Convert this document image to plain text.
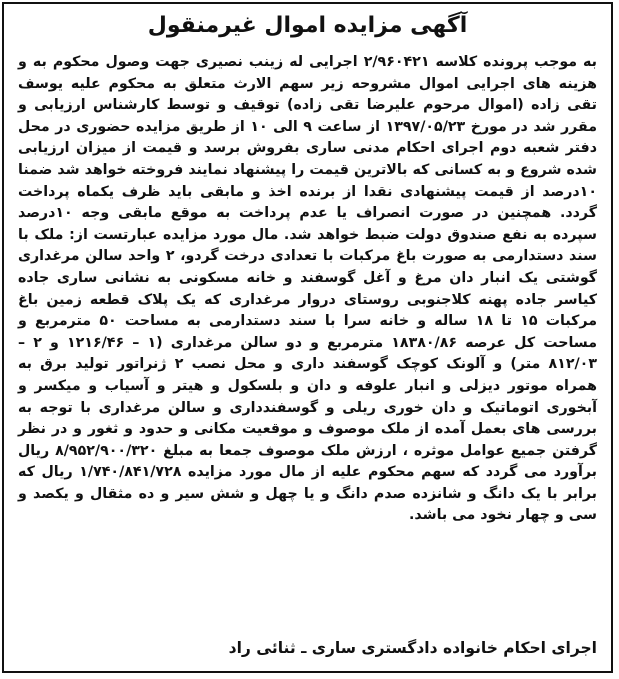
آگهی مزایده اموال غیرمنقول
به موجب پرونده کلاسه ۲/۹۶۰۴۲۱ اجرایی له زینب نصیری جهت وصول محکوم به و هزینه های اجرایی اموال مشروحه زیر سهم الارث متعلق به محکوم علیه یوسف تقی زاده (اموال مرحوم علیرضا تقی زاده) توقیف و توسط کارشناس ارزیابی و مقرر شد در مورخ ۱۳۹۷/۰۵/۲۳ از ساعت ۹ الی ۱۰ از طریق مزایده حضوری در محل دفتر شعبه دوم اجرای احکام مدنی ساری بفروش برسد و قیمت از میزان ارزیابی شده شروع و به کسانی که بالاترین قیمت را پیشنهاد نمایند فروخته خواهد شد ضمنا ۱۰درصد از قیمت پیشنهادی نقدا از برنده اخذ و مابقی باید ظرف یکماه پرداخت گردد. همچنین در صورت انصراف یا عدم پرداخت به موقع مابقی وجه ۱۰درصد سپرده به نفع صندوق دولت ضبط خواهد شد. مال مورد مزایده عبارتست از: ملک با سند دستدارمی به صورت باغ مرکبات با تعدادی درخت گردو، ۲ واحد سالن مرغداری گوشتی یک انبار دان مرغ و آغل گوسفند و خانه مسکونی به نشانی ساری جاده کیاسر جاده پهنه کلاجنوبی روستای دروار مرغداری که یک پلاک قطعه زمین باغ مرکبات ۱۵ تا ۱۸ ساله و خانه سرا با سند دستدارمی به مساحت ۵۰ مترمربع و مساحت کل عرصه ۱۸۳۸۰/۸۶ مترمربع و دو سالن مرغداری (۱ – ۱۲۱۶/۴۶ و ۲ – ۸۱۲/۰۳ متر) و آلونک کوچک گوسفند داری و محل نصب ۲ ژنراتور تولید برق به همراه موتور دیزلی و انبار علوفه و دان و بلسکول و هیتر و آسیاب و میکسر و آبخوری اتوماتیک و دان خوری ریلی و گوسفندداری و سالن مرغداری با توجه به بررسی های بعمل آمده از ملک موصوف و موقعیت مکانی و حدود و ثغور و در نظر گرفتن جمیع عوامل موثره ، ارزش ملک موصوف جمعا به مبلغ ۸/۹۵۲/۹۰۰/۳۲۰ ریال برآورد می گردد که سهم محکوم علیه از مال مورد مزایده ۱/۷۴۰/۸۴۱/۷۲۸ ریال که برابر با یک دانگ و شانزده صدم دانگ و یا چهل و شش سیر و ده مثقال و یکصد و سی و چهار نخود می باشد.
اجرای احکام خانواده دادگستری ساری ـ ثنائی راد
